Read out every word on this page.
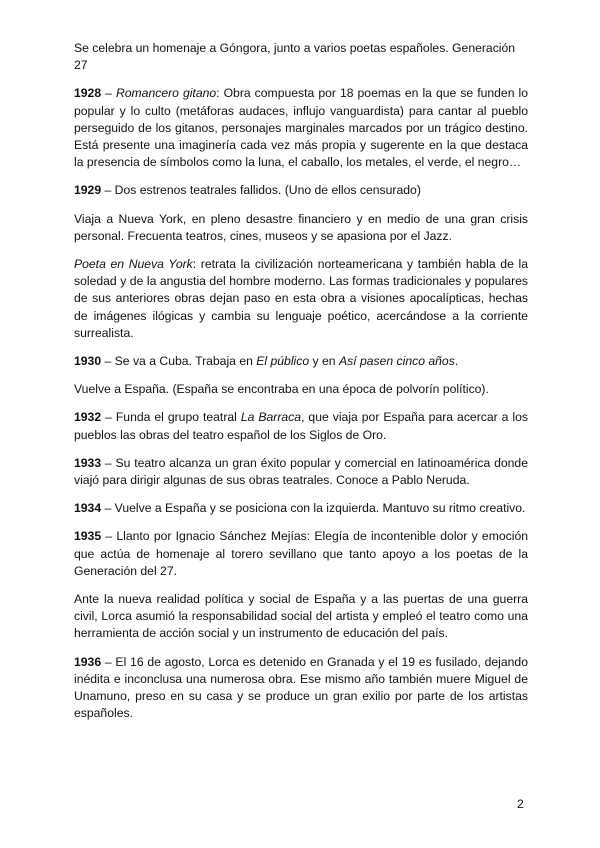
Se celebra un homenaje a Góngora, junto a varios poetas españoles. Generación 27

1928 – Romancero gitano: Obra compuesta por 18 poemas en la que se funden lo popular y lo culto (metáforas audaces, influjo vanguardista) para cantar al pueblo perseguido de los gitanos, personajes marginales marcados por un trágico destino. Está presente una imaginería cada vez más propia y sugerente en la que destaca la presencia de símbolos como la luna, el caballo, los metales, el verde, el negro…

1929 – Dos estrenos teatrales fallidos. (Uno de ellos censurado)

Viaja a Nueva York, en pleno desastre financiero y en medio de una gran crisis personal. Frecuenta teatros, cines, museos y se apasiona por el Jazz.

Poeta en Nueva York: retrata la civilización norteamericana y también habla de la soledad y de la angustia del hombre moderno. Las formas tradicionales y populares de sus anteriores obras dejan paso en esta obra a visiones apocalípticas, hechas de imágenes ilógicas y cambia su lenguaje poético, acercándose a la corriente surrealista.

1930 – Se va a Cuba. Trabaja en El público y en Así pasen cinco años.

Vuelve a España. (España se encontraba en una época de polvorín político).

1932 – Funda el grupo teatral La Barraca, que viaja por España para acercar a los pueblos las obras del teatro español de los Siglos de Oro.

1933 – Su teatro alcanza un gran éxito popular y comercial en latinoamérica donde viajó para dirigir algunas de sus obras teatrales. Conoce a Pablo Neruda.

1934 – Vuelve a España y se posiciona con la izquierda. Mantuvo su ritmo creativo.

1935 – Llanto por Ignacio Sánchez Mejías: Elegía de incontenible dolor y emoción que actúa de homenaje al torero sevillano que tanto apoyo a los poetas de la Generación del 27.

Ante la nueva realidad política y social de España y a las puertas de una guerra civil, Lorca asumió la responsabilidad social del artista y empleó el teatro como una herramienta de acción social y un instrumento de educación del país.

1936 – El 16 de agosto, Lorca es detenido en Granada y el 19 es fusilado, dejando inédita e inconclusa una numerosa obra. Ese mismo año también muere Miguel de Unamuno, preso en su casa y se produce un gran exilio por parte de los artistas españoles.

2
